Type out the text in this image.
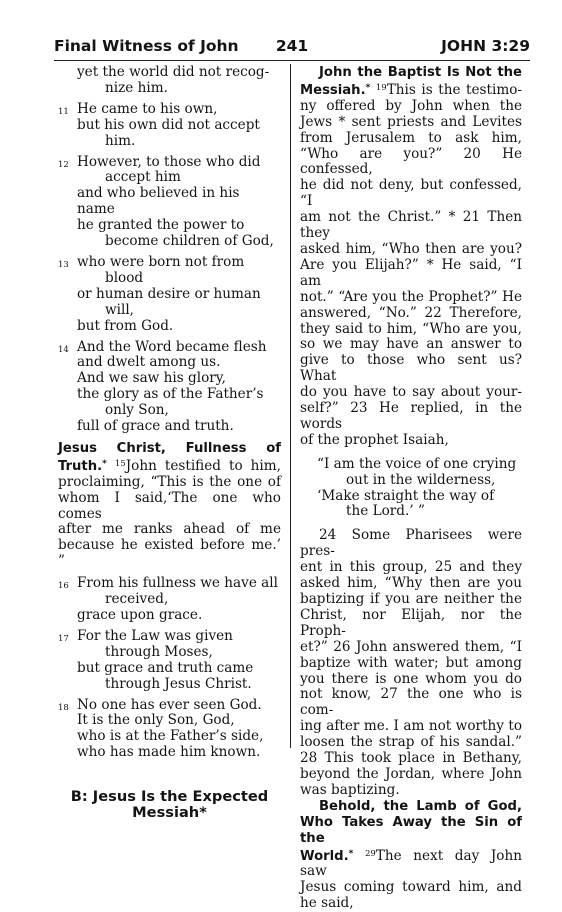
Final Witness of John	241	JOHN 3:29
yet the world did not recog-
nize him.
11 He came to his own,
but his own did not accept
him.
12 However, to those who did
accept him
and who believed in his name
he granted the power to
become children of God,
13 who were born not from
blood
or human desire or human
will,
but from God.
14 And the Word became flesh
and dwelt among us.
And we saw his glory,
the glory as of the Father’s
only Son,
full of grace and truth.
Jesus Christ, Fullness of
Truth.* $^{15}$John testified to him,
proclaiming, “This is the one of
whom I said,‘The one who comes
after me ranks ahead of me
because he existed before me.’ ”
16 From his fullness we have all
received,
grace upon grace.
17 For the Law was given
through Moses,
but grace and truth came
through Jesus Christ.
18 No one has ever seen God.
It is the only Son, God,
who is at the Father’s side,
who has made him known.
B: Jesus Is the Expected
Messiah*
John the Baptist Is Not the
Messiah.* $^{19}$This is the testimo-
ny offered by John when the
Jews * sent priests and Levites
from Jerusalem to ask him,
“Who are you?” 20 He confessed,
he did not deny, but confessed, “I
am not the Christ.” * 21 Then they
asked him, “Who then are you?
Are you Elijah?” * He said, “I am
not.” “Are you the Prophet?” He
answered, “No.” 22 Therefore,
they said to him, “Who are you,
so we may have an answer to
give to those who sent us? What
do you have to say about your-
self?” 23 He replied, in the words
of the prophet Isaiah,
“I am the voice of one crying
out in the wilderness,
‘Make straight the way of
the Lord.’ ”
24 Some Pharisees were pres-
ent in this group, 25 and they
asked him, “Why then are you
baptizing if you are neither the
Christ, nor Elijah, nor the Proph-
et?” 26 John answered them, “I
baptize with water; but among
you there is one whom you do
not know, 27 the one who is com-
ing after me. I am not worthy to
loosen the strap of his sandal.”
28 This took place in Bethany,
beyond the Jordan, where John
was baptizing.
Behold, the Lamb of God,
Who Takes Away the Sin of the
World.* $^{29}$The next day John saw
Jesus coming toward him, and
he said,
